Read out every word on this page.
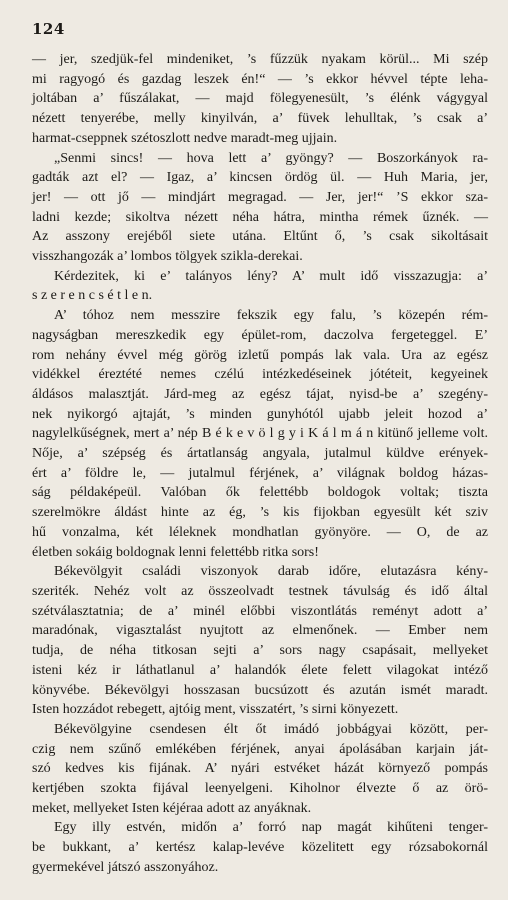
124
— jer, szedjük-fel mindeniket, ’s fűzzük nyakam körül... Mi szép
mi ragyogó és gazdag leszek én!“ — ’s ekkor hévvel tépte leha-
joltában a’ fűszálakat, — majd fölegyenesült, ’s élénk vágygyal
nézett tenyerébe, melly kinyilván, a’ füvek lehulltak, ’s csak a’
harmat-cseppnek szétoszlott nedve maradt-meg ujjain.
„Senmi sincs! — hova lett a’ gyöngy? — Boszorkányok ra-
gadták azt el? — Igaz, a’ kincsen ördög ül. — Huh Maria, jer,
jer! — ott jő — mindjárt megragad. — Jer, jer!“ ’S ekkor sza-
ladni kezde; sikoltva nézett néha hátra, mintha rémek űznék. —
Az asszony erejéből siete utána. Eltűnt ő, ’s csak sikoltásait
visszhangozák a’ lombos tölgyek szikla-derekai.
Kérdezitek, ki e’ talányos lény? A’ mult idő visszazugja: a’
s z e r e n c s é t l e n.
A’ tóhoz nem messzire fekszik egy falu, ’s közepén rém-
nagyságban mereszkedik egy épület-rom, daczolva fergeteggel. E’
rom nehány évvel még görög izletű pompás lak vala. Ura az egész
vidékkel éreztété nemes czélú intézkedéseinek jótéteit, kegyeinek
áldásos malasztját. Járd-meg az egész tájat, nyisd-be a’ szegény-
nek nyikorgó ajtaját, ’s minden gunyhótól ujabb jeleit hozod a’
nagylelkűségnek, mert a’ nép B é k e v ö l g y i K á l m á n kitünő jelleme volt.
Nője, a’ szépség és ártatlanság angyala, jutalmul küldve erények-
ért a’ földre le, — jutalmul férjének, a’ világnak boldog házas-
ság példaképeül. Valóban ők felettébb boldogok voltak; tiszta
szerelmökre áldást hinte az ég, ’s kis fijokban egyesült két sziv
hű vonzalma, két léleknek mondhatlan gyönyöre. — O, de az
életben sokáig boldognak lenni felettébb ritka sors!
Békevölgyit családi viszonyok darab időre, elutazásra kény-
szeriték. Nehéz volt az összeolvadt testnek távulság és idő által
szétválasztatnia; de a’ minél előbbi viszontlátás reményt adott a’
maradónak, vigasztalást nyujtott az elmenőnek. — Ember nem
tudja, de néha titkosan sejti a’ sors nagy csapásait, mellyeket
isteni kéz ir láthatlanul a’ halandók élete felett vilagokat intéző
könyvébe. Békevölgyi hosszasan bucsúzott és azután ismét maradt.
Isten hozzádot rebegett, ajtóig ment, visszatért, ’s sirni könyezett.
Békevölgyine csendesen élt őt imádó jobbágyai között, per-
czig nem szűnő emlékében férjének, anyai ápolásában karjain ját-
szó kedves kis fijának. A’ nyári estvéket házát környező pompás
kertjében szokta fijával leenyelgeni. Kiholnor élvezte ő az örö-
meket, mellyeket Isten kéjéraa adott az anyáknak.
Egy illy estvén, midőn a’ forró nap magát kihűteni tenger-
be bukkant, a’ kertész kalap-levéve közelitett egy rózsabokornál
gyermekével játszó asszonyához.
